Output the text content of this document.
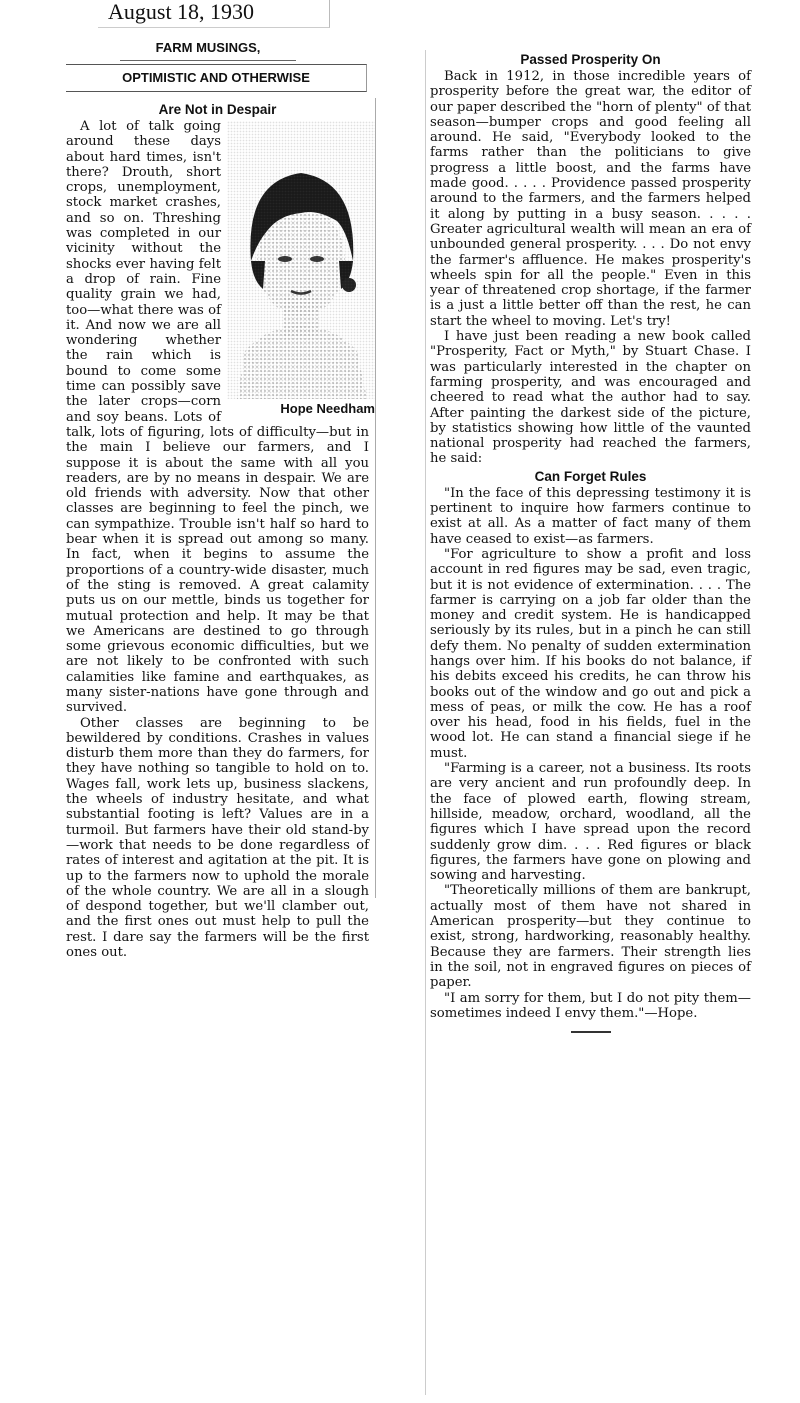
August 18, 1930
FARM MUSINGS,
OPTIMISTIC AND OTHERWISE
Are Not in Despair
Hope Needham

A lot of talk going around these days about hard times, isn't there? Drouth, short crops, unemployment, stock market crashes, and so on. Threshing was completed in our vicinity without the shocks ever having felt a drop of rain. Fine quality grain we had, too—what there was of it. And now we are all wondering whether the rain which is bound to come some time can possibly save the later crops—corn and soy beans. Lots of talk, lots of figuring, lots of difficulty—but in the main I believe our farmers, and I suppose it is about the same with all you readers, are by no means in despair. We are old friends with adversity. Now that other classes are beginning to feel the pinch, we can sympathize. Trouble isn't half so hard to bear when it is spread out among so many. In fact, when it begins to assume the proportions of a country-wide disaster, much of the sting is removed. A great calamity puts us on our mettle, binds us together for mutual protection and help. It may be that we Americans are destined to go through some grievous economic difficulties, but we are not likely to be confronted with such calamities like famine and earthquakes, as many sister-nations have gone through and survived.

Other classes are beginning to be bewildered by conditions. Crashes in values disturb them more than they do farmers, for they have nothing so tangible to hold on to. Wages fall, work lets up, business slackens, the wheels of industry hesitate, and what substantial footing is left? Values are in a turmoil. But farmers have their old stand-by—work that needs to be done regardless of rates of interest and agitation at the pit. It is up to the farmers now to uphold the morale of the whole country. We are all in a slough of despond together, but we'll clamber out, and the first ones out must help to pull the rest. I dare say the farmers will be the first ones out.

Passed Prosperity On

Back in 1912, in those incredible years of prosperity before the great war, the editor of our paper described the "horn of plenty" of that season—bumper crops and good feeling all around. He said, "Everybody looked to the farms rather than the politicians to give progress a little boost, and the farms have made good. . . . . Providence passed prosperity around to the farmers, and the farmers helped it along by putting in a busy season. . . . . Greater agricultural wealth will mean an era of unbounded general prosperity. . . . Do not envy the farmer's affluence. He makes prosperity's wheels spin for all the people." Even in this year of threatened crop shortage, if the farmer is a just a little better off than the rest, he can start the wheel to moving. Let's try!

I have just been reading a new book called "Prosperity, Fact or Myth," by Stuart Chase. I was particularly interested in the chapter on farming prosperity, and was encouraged and cheered to read what the author had to say. After painting the darkest side of the picture, by statistics showing how little of the vaunted national prosperity had reached the farmers, he said:

Can Forget Rules

"In the face of this depressing testimony it is pertinent to inquire how farmers continue to exist at all. As a matter of fact many of them have ceased to exist—as farmers.

"For agriculture to show a profit and loss account in red figures may be sad, even tragic, but it is not evidence of extermination. . . . The farmer is carrying on a job far older than the money and credit system. He is handicapped seriously by its rules, but in a pinch he can still defy them. No penalty of sudden extermination hangs over him. If his books do not balance, if his debits exceed his credits, he can throw his books out of the window and go out and pick a mess of peas, or milk the cow. He has a roof over his head, food in his fields, fuel in the wood lot. He can stand a financial siege if he must.

"Farming is a career, not a business. Its roots are very ancient and run profoundly deep. In the face of plowed earth, flowing stream, hillside, meadow, orchard, woodland, all the figures which I have spread upon the record suddenly grow dim. . . . Red figures or black figures, the farmers have gone on plowing and sowing and harvesting.

"Theoretically millions of them are bankrupt, actually most of them have not shared in American prosperity—but they continue to exist, strong, hardworking, reasonably healthy. Because they are farmers. Their strength lies in the soil, not in engraved figures on pieces of paper.

"I am sorry for them, but I do not pity them—sometimes indeed I envy them."—Hope.
